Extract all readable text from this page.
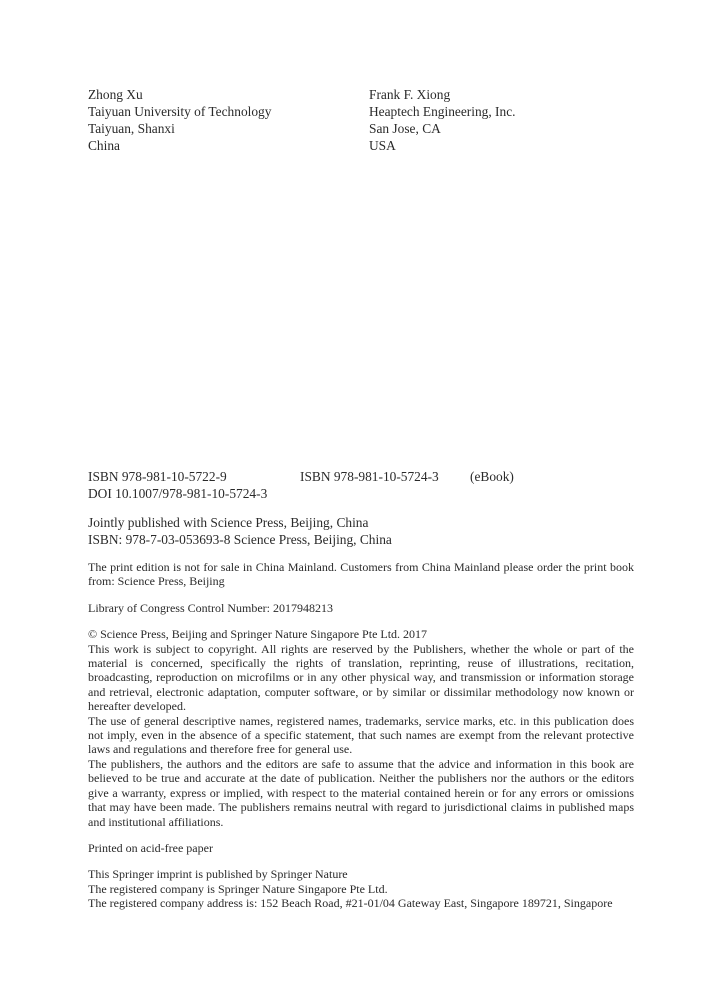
Zhong Xu
Taiyuan University of Technology
Taiyuan, Shanxi
China
Frank F. Xiong
Heaptech Engineering, Inc.
San Jose, CA
USA
ISBN 978-981-10-5722-9	ISBN 978-981-10-5724-3 (eBook)
DOI 10.1007/978-981-10-5724-3
Jointly published with Science Press, Beijing, China
ISBN: 978-7-03-053693-8 Science Press, Beijing, China

The print edition is not for sale in China Mainland. Customers from China Mainland please order the print book from: Science Press, Beijing

Library of Congress Control Number: 2017948213

© Science Press, Beijing and Springer Nature Singapore Pte Ltd. 2017

This work is subject to copyright. All rights are reserved by the Publishers, whether the whole or part of the material is concerned, specifically the rights of translation, reprinting, reuse of illustrations, recitation, broadcasting, reproduction on microfilms or in any other physical way, and transmission or information storage and retrieval, electronic adaptation, computer software, or by similar or dissimilar methodology now known or hereafter developed.

The use of general descriptive names, registered names, trademarks, service marks, etc. in this publication does not imply, even in the absence of a specific statement, that such names are exempt from the relevant protective laws and regulations and therefore free for general use.

The publishers, the authors and the editors are safe to assume that the advice and information in this book are believed to be true and accurate at the date of publication. Neither the publishers nor the authors or the editors give a warranty, express or implied, with respect to the material contained herein or for any errors or omissions that may have been made. The publishers remains neutral with regard to jurisdictional claims in published maps and institutional affiliations.

Printed on acid-free paper

This Springer imprint is published by Springer Nature

The registered company is Springer Nature Singapore Pte Ltd.

The registered company address is: 152 Beach Road, #21-01/04 Gateway East, Singapore 189721, Singapore
